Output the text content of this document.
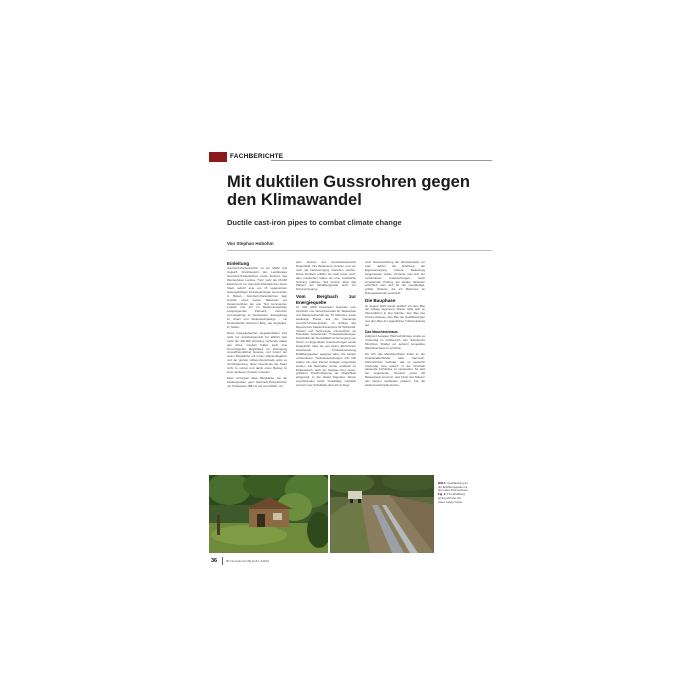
FACHBERICHTE
Mit duktilen Gussrohren gegen den Klimawandel
Ductile cast-iron pipes to combat climate change
Von Stephan Hobohm
Einleitung

Garmisch-Partenkirchen ist ein Markt und zugleich Kreishauptort des Landkreises Garmisch-Partenkirchen sowie Zentrum des Werdenfelser Landes. Trotz mehr als 26.000 Einwohnern ist Garmisch-Partenkirchen keine Stadt, jedoch eine von 15 sogenannten leistungsfähigen kreisangehörigen Gemeinden in Bayern. Garmisch-Partenkirchen liegt inmitten eines weiten Talkessels am Zusammenfluss der aus Tirol kommenden Loisach und der im Wettersteingebirge entspringenden Partnach, zwischen Ammergebirge im Nordwesten, Estergebirge im Osten und Wettersteingebirge – mit Deutschlands höchstem Berg, der Zugspitze, im Süden.

Diese topographischen Gegebenheiten sind nicht nur Anziehungspunkt für jährlich weit mehr als 300.000 Erholung suchende Gäste des Ortes, sondern bilden auch eine hervorragende Möglichkeit zur Erzeugung umweltfreundlicher Energie. Auf Grund der vielen Bergbäche mit hohen Wasserabgaben und der großen Höhenunterschiede wäre es Verschwendung, diese Geschenke der Natur nicht zu nutzen und damit einen Beitrag zu einer sauberen Umwelt zu leisten.

Einst versorgten diese Bergbäche, wie die Faukenquellen, ganz Garmisch-Partenkirchen mit Trinkwasser (Bild 1), bis sie letztlich, mit

dem Ausbau des Grundwasserwerks Degernfeld, ihre Bedeutung verloren und nur noch als Notversorgung betrieben wurden. Diese Funktion erfüllen sie zwar heute noch, aber inzwischen haben sie eine zusätzliche Nutzung erfahren: Seit kurzem dient das Wasser der Erfaßbergquelle auch zur Stromerzeugung.

Vom Bergbach zur Energiequelle

Im Jahr 2000 bewerteten Experten vom Lehrstuhl und Versuchsanstalt für Wasserbau und Wasserwirtschaft der TU München sowie ansässige Planer aus der Gemeinde Garmisch-Partenkirchen. Im Auftrag des Bayerischen Staatsministeriums für Wirtschaft, Verkehr und Technologie untersuchten sie Potentiale bestehender Trinkwasserleitungen hinsichtlich der Rentabilität zur Erzeugung von Strom. Im Zuge dieser Untersuchungen wurde festgestellt, dass die seit vielen Jahrzehnten bestehende Trinkwasserleitung Erfaßbergquellen geeignet wäre. Die beiden vorhandenen Trinkwasserleitungen DN 100 sollten mit zwei kleinen Anlagen umgerüstet werden. Als Alternative wurde, praktisch im Rollentausch, auch der Neubau einer neuen, größeren Druckrohrleitung als Möglichkeit aufgezeigt. In den darauf folgenden Jahren verschwanden beide Vorschläge zunächst einmal in der Schublade. Erst als im Zuge

einer Neuausrichtung der Werksbetriebe vor zwei Jahren die Erhöhung der Eigenversorgung höhere Bedeutung beigemessen wurde, erinnerte man sich der vorhandenen Untersuchungen. Nach eingehender Prüfung der beiden Varianten entschied man sich für die neuständige, größte Variante, die ein Maximum an Energieausbeute verspricht.

Die Bauphase

Im August 2007 wurde letztlich mit dem Bau der Anlage begonnen. Dieser teilte sich im Wesentlichen in drei Schritte, dem Bau des Turbinenhauses, dem Bau der Quellfassungen und dem Bau der eigentlichen Turbinenleitung auf.

Das Maschinenhaus

Aufgrund besagter Platzverhältnisse wurde es notwendig im Ortsbereich (Am Steinbruch) Münchner Straße) ein außerst kompaktes Maschinenhaus zu errichten.

Da sich das Maschinenhaus direkt an der Hauptstraße/Straße nach Garmisch-Partenkirchen befindet, war es weiterhin notwendig eine optisch in die Ortschaft passende Architektur zu verwenden. So wird der sogenannte Toursiste privat als Bewusstsein kommen, was hinter den Mauern des kleinen Gebäudes passiert. Für die elektromaschinelle Ausrüs-

Bild 1: Quellfassung an der Erfaßbergquelle mit dem alten Brunnenhaus
Fig. 1: The Erfaßberg spring with the old water supply house
36	3R international (46) Heft 1-2/2010
